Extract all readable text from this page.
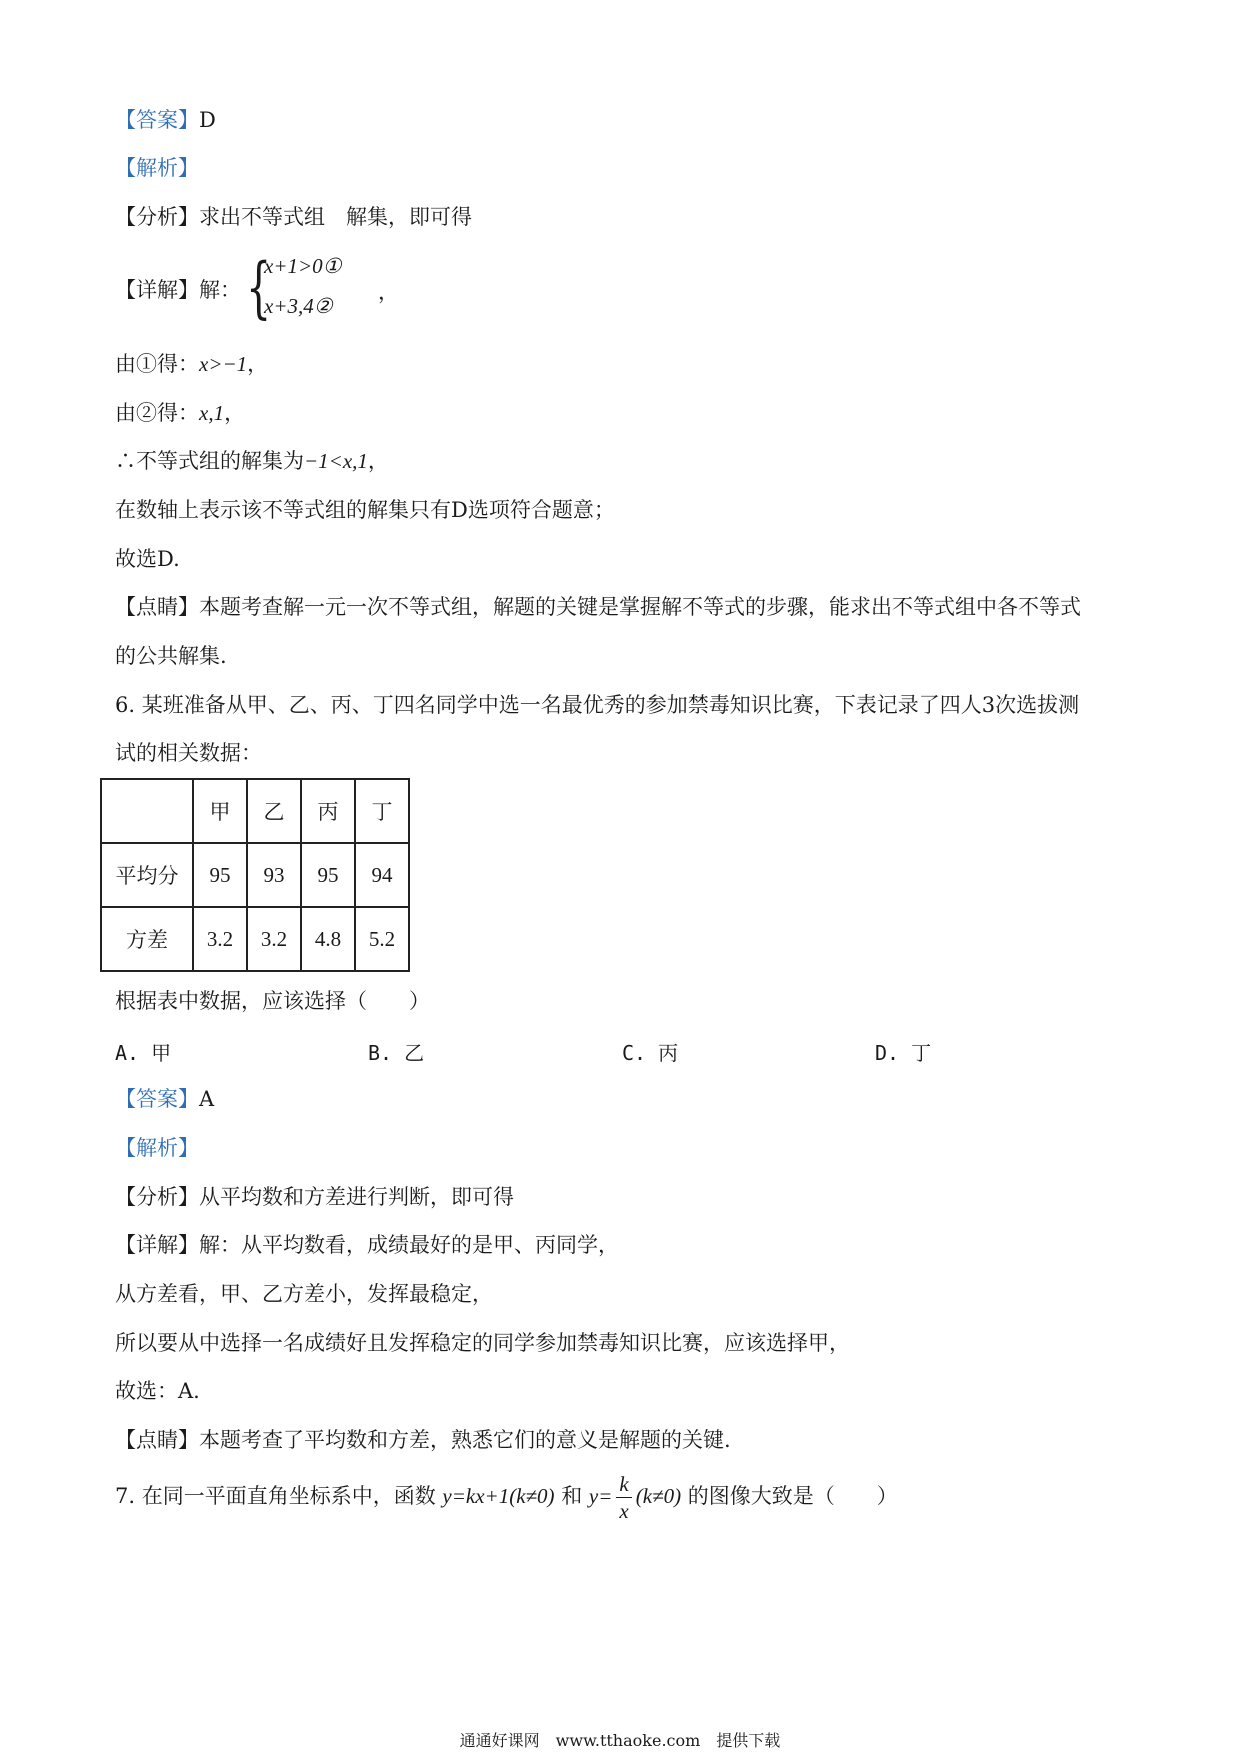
【答案】D
【解析】
【分析】求出不等式组　解集，即可得
【详解】解： {
x+1>0①
x+3,4②
，
由①得：x>−1，
由②得：x,1，
∴不等式组的解集为−1<x,1，
在数轴上表示该不等式组的解集只有D选项符合题意；
故选D.
【点睛】本题考查解一元一次不等式组，解题的关键是掌握解不等式的步骤，能求出不等式组中各不等式
的公共解集.
6. 某班准备从甲、乙、丙、丁四名同学中选一名最优秀的参加禁毒知识比赛，下表记录了四人3次选拔测
试的相关数据：
	甲	乙	丙	丁
平均分	95	93	95	94
方差	3.2	3.2	4.8	5.2
根据表中数据，应该选择（　　）
A. 甲	B. 乙	C. 丙	D. 丁
【答案】A
【解析】
【分析】从平均数和方差进行判断，即可得
【详解】解：从平均数看，成绩最好的是甲、丙同学，
从方差看，甲、乙方差小，发挥最稳定，
所以要从中选择一名成绩好且发挥稳定的同学参加禁毒知识比赛，应该选择甲，
故选：A.
【点睛】本题考查了平均数和方差，熟悉它们的意义是解题的关键.
7. 在同一平面直角坐标系中，函数 y=kx+1(k≠0) 和 $y= \frac{k}{x} (k\ne 0)$ 的图像大致是（　　）
通通好课网　www.tthaoke.com　提供下载
